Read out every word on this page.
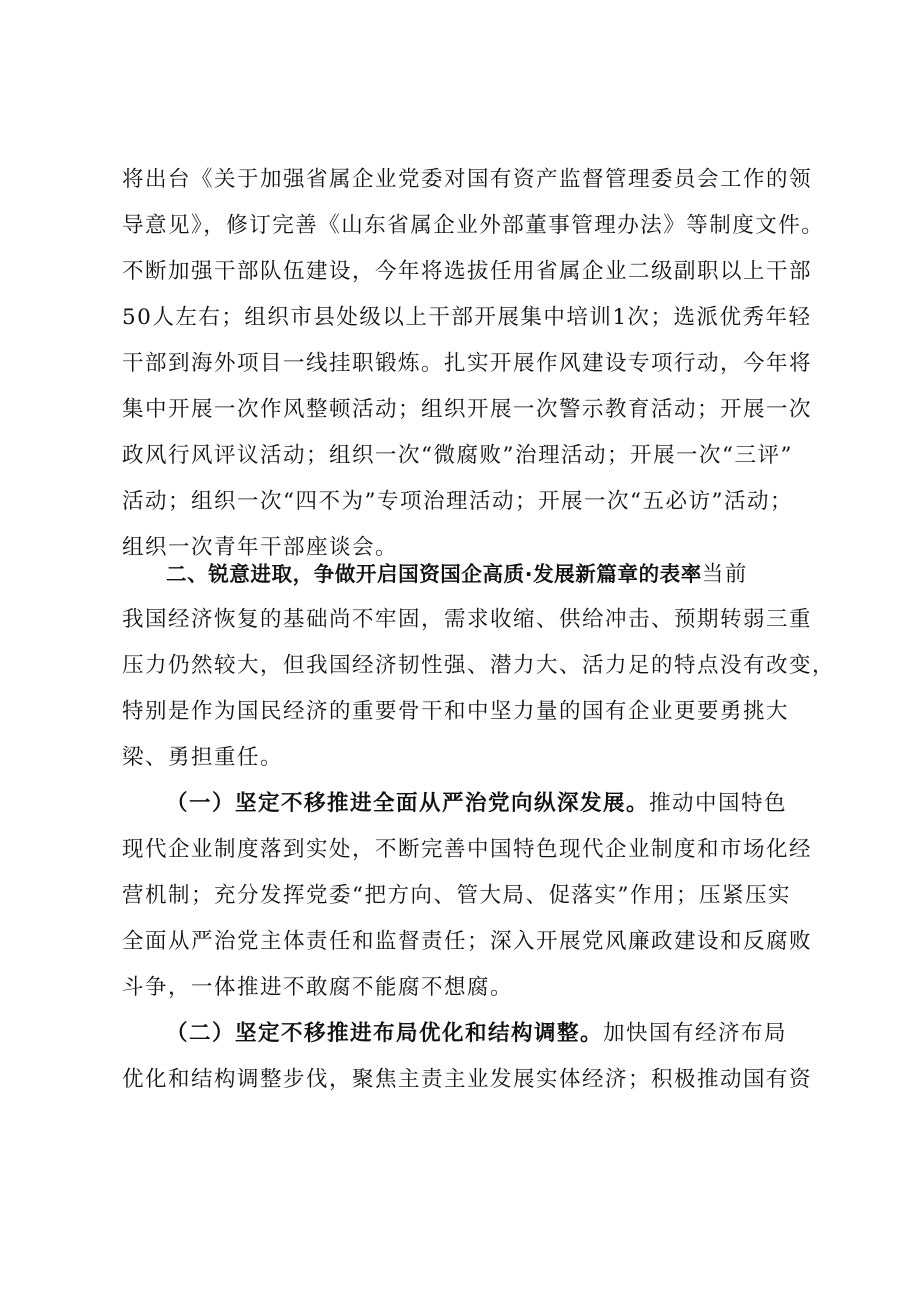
将出台《关于加强省属企业党委对国有资产监督管理委员会工作的领
导意见》，修订完善《山东省属企业外部董事管理办法》等制度文件。
不断加强干部队伍建设，今年将选拔任用省属企业二级副职以上干部
50人左右；组织市县处级以上干部开展集中培训1次；选派优秀年轻
干部到海外项目一线挂职锻炼。扎实开展作风建设专项行动，今年将
集中开展一次作风整顿活动；组织开展一次警示教育活动；开展一次
政风行风评议活动；组织一次“微腐败”治理活动；开展一次“三评”
活动；组织一次“四不为”专项治理活动；开展一次“五必访”活动；
组织一次青年干部座谈会。
二、锐意进取，争做开启国资国企高质·发展新篇章的表率当前
我国经济恢复的基础尚不牢固，需求收缩、供给冲击、预期转弱三重
压力仍然较大，但我国经济韧性强、潜力大、活力足的特点没有改变，
特别是作为国民经济的重要骨干和中坚力量的国有企业更要勇挑大
梁、勇担重任。
（一）坚定不移推进全面从严治党向纵深发展。推动中国特色
现代企业制度落到实处，不断完善中国特色现代企业制度和市场化经
营机制；充分发挥党委“把方向、管大局、促落实”作用；压紧压实
全面从严治党主体责任和监督责任；深入开展党风廉政建设和反腐败
斗争，一体推进不敢腐不能腐不想腐。
（二）坚定不移推进布局优化和结构调整。加快国有经济布局
优化和结构调整步伐，聚焦主责主业发展实体经济；积极推动国有资
